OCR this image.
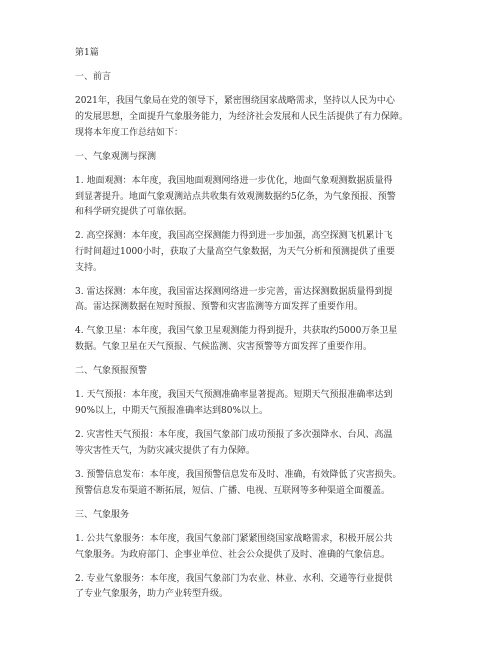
第1篇
一、前言
2021年，我国气象局在党的领导下，紧密围绕国家战略需求，坚持以人民为中心
的发展思想，全面提升气象服务能力，为经济社会发展和人民生活提供了有力保障。
现将本年度工作总结如下：
一、气象观测与探测
1. 地面观测：本年度，我国地面观测网络进一步优化，地面气象观测数据质量得
到显著提升。地面气象观测站点共收集有效观测数据约5亿条，为气象预报、预警
和科学研究提供了可靠依据。
2. 高空探测：本年度，我国高空探测能力得到进一步加强，高空探测飞机累计飞
行时间超过1000小时，获取了大量高空气象数据，为天气分析和预测提供了重要
支持。
3. 雷达探测：本年度，我国雷达探测网络进一步完善，雷达探测数据质量得到提
高。雷达探测数据在短时预报、预警和灾害监测等方面发挥了重要作用。
4. 气象卫星：本年度，我国气象卫星观测能力得到提升，共获取约5000万条卫星
数据。气象卫星在天气预报、气候监测、灾害预警等方面发挥了重要作用。
二、气象预报预警
1. 天气预报：本年度，我国天气预测准确率显著提高。短期天气预报准确率达到
90%以上，中期天气预报准确率达到80%以上。
2. 灾害性天气预报：本年度，我国气象部门成功预报了多次强降水、台风、高温
等灾害性天气，为防灾减灾提供了有力保障。
3. 预警信息发布：本年度，我国预警信息发布及时、准确，有效降低了灾害损失。
预警信息发布渠道不断拓展，短信、广播、电视、互联网等多种渠道全面覆盖。
三、气象服务
1. 公共气象服务：本年度，我国气象部门紧紧围绕国家战略需求，积极开展公共
气象服务。为政府部门、企事业单位、社会公众提供了及时、准确的气象信息。
2. 专业气象服务：本年度，我国气象部门为农业、林业、水利、交通等行业提供
了专业气象服务，助力产业转型升级。
